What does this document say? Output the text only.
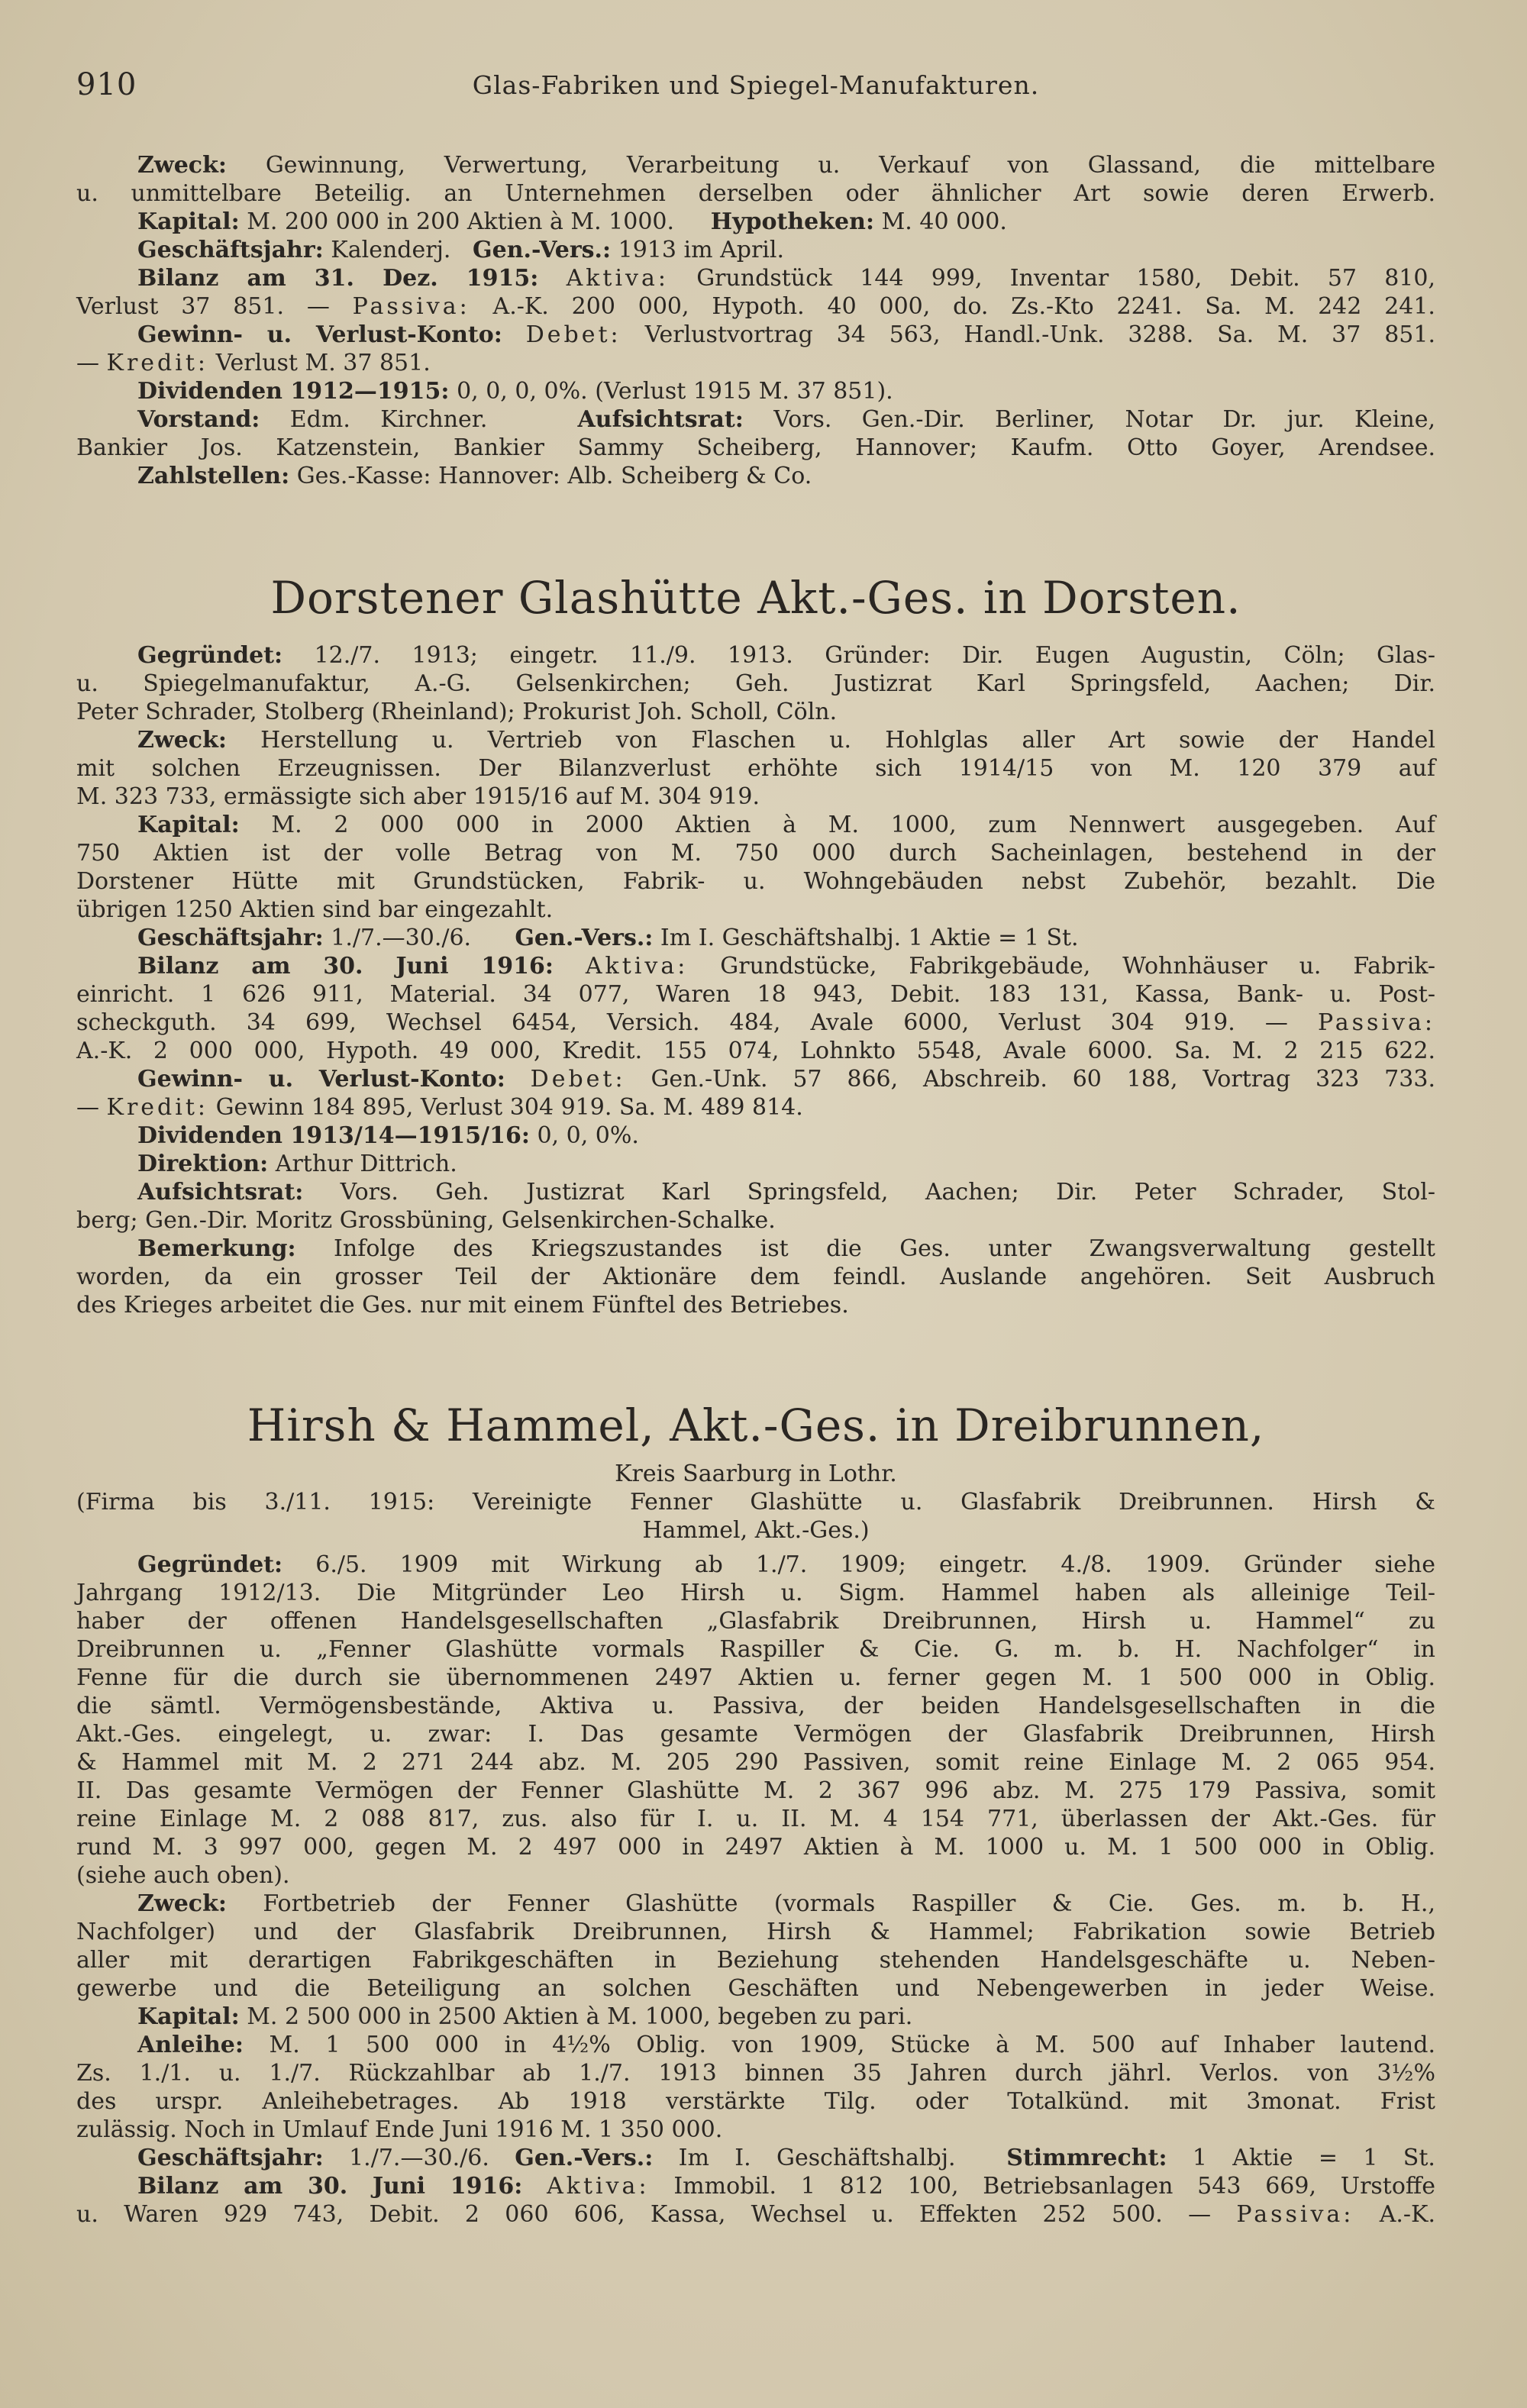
910	Glas-Fabriken und Spiegel-Manufakturen.
Zweck: Gewinnung, Verwertung, Verarbeitung u. Verkauf von Glassand, die mittelbare
u. unmittelbare Beteilig. an Unternehmen derselben oder ähnlicher Art sowie deren Erwerb.
Kapital: M. 200 000 in 200 Aktien à M. 1000. Hypotheken: M. 40 000.
Geschäftsjahr: Kalenderj. Gen.-Vers.: 1913 im April.
Bilanz am 31. Dez. 1915: Aktiva: Grundstück 144 999, Inventar 1580, Debit. 57 810,
Verlust 37 851. — Passiva: A.-K. 200 000, Hypoth. 40 000, do. Zs.-Kto 2241. Sa. M. 242 241.
Gewinn- u. Verlust-Konto: Debet: Verlustvortrag 34 563, Handl.-Unk. 3288. Sa. M. 37 851.
— Kredit: Verlust M. 37 851.
Dividenden 1912—1915: 0, 0, 0, 0%. (Verlust 1915 M. 37 851).
Vorstand: Edm. Kirchner.	Aufsichtsrat: Vors. Gen.-Dir. Berliner, Notar Dr. jur. Kleine,
Bankier Jos. Katzenstein, Bankier Sammy Scheiberg, Hannover; Kaufm. Otto Goyer, Arendsee.
Zahlstellen: Ges.-Kasse: Hannover: Alb. Scheiberg & Co.
Dorstener Glashütte Akt.-Ges. in Dorsten.
Gegründet: 12./7. 1913; eingetr. 11./9. 1913. Gründer: Dir. Eugen Augustin, Cöln; Glas-
u. Spiegelmanufaktur, A.-G. Gelsenkirchen; Geh. Justizrat Karl Springsfeld, Aachen; Dir.
Peter Schrader, Stolberg (Rheinland); Prokurist Joh. Scholl, Cöln.
Zweck: Herstellung u. Vertrieb von Flaschen u. Hohlglas aller Art sowie der Handel
mit solchen Erzeugnissen. Der Bilanzverlust erhöhte sich 1914/15 von M. 120 379 auf
M. 323 733, ermässigte sich aber 1915/16 auf M. 304 919.
Kapital: M. 2 000 000 in 2000 Aktien à M. 1000, zum Nennwert ausgegeben. Auf
750 Aktien ist der volle Betrag von M. 750 000 durch Sacheinlagen, bestehend in der
Dorstener Hütte mit Grundstücken, Fabrik- u. Wohngebäuden nebst Zubehör, bezahlt. Die
übrigen 1250 Aktien sind bar eingezahlt.
Geschäftsjahr: 1./7.—30./6. Gen.-Vers.: Im I. Geschäftshalbj. 1 Aktie = 1 St.
Bilanz am 30. Juni 1916: Aktiva: Grundstücke, Fabrikgebäude, Wohnhäuser u. Fabrik-
einricht. 1 626 911, Material. 34 077, Waren 18 943, Debit. 183 131, Kassa, Bank- u. Post-
scheckguth. 34 699, Wechsel 6454, Versich. 484, Avale 6000, Verlust 304 919. — Passiva:
A.-K. 2 000 000, Hypoth. 49 000, Kredit. 155 074, Lohnkto 5548, Avale 6000. Sa. M. 2 215 622.
Gewinn- u. Verlust-Konto: Debet: Gen.-Unk. 57 866, Abschreib. 60 188, Vortrag 323 733.
— Kredit: Gewinn 184 895, Verlust 304 919. Sa. M. 489 814.
Dividenden 1913/14—1915/16: 0, 0, 0%.
Direktion: Arthur Dittrich.
Aufsichtsrat: Vors. Geh. Justizrat Karl Springsfeld, Aachen; Dir. Peter Schrader, Stol-
berg; Gen.-Dir. Moritz Grossbüning, Gelsenkirchen-Schalke.
Bemerkung: Infolge des Kriegszustandes ist die Ges. unter Zwangsverwaltung gestellt
worden, da ein grosser Teil der Aktionäre dem feindl. Auslande angehören. Seit Ausbruch
des Krieges arbeitet die Ges. nur mit einem Fünftel des Betriebes.
Hirsh & Hammel, Akt.-Ges. in Dreibrunnen,
Kreis Saarburg in Lothr.
(Firma bis 3./11. 1915: Vereinigte Fenner Glashütte u. Glasfabrik Dreibrunnen. Hirsh &
Hammel, Akt.-Ges.)
Gegründet: 6./5. 1909 mit Wirkung ab 1./7. 1909; eingetr. 4./8. 1909. Gründer siehe
Jahrgang 1912/13. Die Mitgründer Leo Hirsh u. Sigm. Hammel haben als alleinige Teil-
haber der offenen Handelsgesellschaften „Glasfabrik Dreibrunnen, Hirsh u. Hammel“ zu
Dreibrunnen u. „Fenner Glashütte vormals Raspiller & Cie. G. m. b. H. Nachfolger“ in
Fenne für die durch sie übernommenen 2497 Aktien u. ferner gegen M. 1 500 000 in Oblig.
die sämtl. Vermögensbestände, Aktiva u. Passiva, der beiden Handelsgesellschaften in die
Akt.-Ges. eingelegt, u. zwar: I. Das gesamte Vermögen der Glasfabrik Dreibrunnen, Hirsh
& Hammel mit M. 2 271 244 abz. M. 205 290 Passiven, somit reine Einlage M. 2 065 954.
II. Das gesamte Vermögen der Fenner Glashütte M. 2 367 996 abz. M. 275 179 Passiva, somit
reine Einlage M. 2 088 817, zus. also für I. u. II. M. 4 154 771, überlassen der Akt.-Ges. für
rund M. 3 997 000, gegen M. 2 497 000 in 2497 Aktien à M. 1000 u. M. 1 500 000 in Oblig.
(siehe auch oben).
Zweck: Fortbetrieb der Fenner Glashütte (vormals Raspiller & Cie. Ges. m. b. H.,
Nachfolger) und der Glasfabrik Dreibrunnen, Hirsh & Hammel; Fabrikation sowie Betrieb
aller mit derartigen Fabrikgeschäften in Beziehung stehenden Handelsgeschäfte u. Neben-
gewerbe und die Beteiligung an solchen Geschäften und Nebengewerben in jeder Weise.
Kapital: M. 2 500 000 in 2500 Aktien à M. 1000, begeben zu pari.
Anleihe: M. 1 500 000 in 4½% Oblig. von 1909, Stücke à M. 500 auf Inhaber lautend.
Zs. 1./1. u. 1./7. Rückzahlbar ab 1./7. 1913 binnen 35 Jahren durch jährl. Verlos. von 3½%
des urspr. Anleihebetrages. Ab 1918 verstärkte Tilg. oder Totalkünd. mit 3monat. Frist
zulässig. Noch in Umlauf Ende Juni 1916 M. 1 350 000.
Geschäftsjahr: 1./7.—30./6. Gen.-Vers.: Im I. Geschäftshalbj. Stimmrecht: 1 Aktie = 1 St.
Bilanz am 30. Juni 1916: Aktiva: Immobil. 1 812 100, Betriebsanlagen 543 669, Urstoffe
u. Waren 929 743, Debit. 2 060 606, Kassa, Wechsel u. Effekten 252 500. — Passiva: A.-K.
